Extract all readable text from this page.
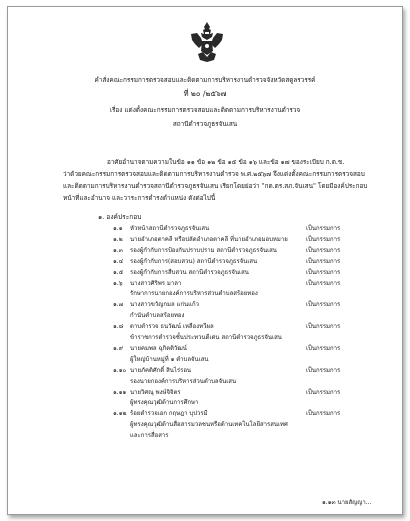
คำสั่งคณะกรรมการตรวจสอบและติดตามการบริหารงานตำรวจจังหวัดสตูลรวรรค์
ที่ ๒๐ /๒๕๖๗
เรื่อง แต่งตั้งคณะกรรมการตรวจสอบและติดตามการบริหารงานตำรวจ
สถานีตำรวจภูธรจันเสน
อาศัยอำนาจตามความในข้อ ๑๑ ข้อ ๑๒ ข้อ ๑๕ ข้อ ๑๖ และข้อ ๑๗ ของระเบียบ ก.ต.ช.
ว่าด้วยคณะกรรมการตรวจสอบและติดตามการบริหารงานตำรวจ พ.ศ.๒๕๖๗ จึงแต่งตั้งคณะกรรมการตรวจสอบ
และติดตามการบริหารงานตำรวจสถานีตำรวจภูธรจันเสน เรียกโดยย่อว่า "กต.ตร.สภ.จันเสน" โดยมีองค์ประกอบ
หน้าที่และอำนาจ และวาระการดำรงตำแหน่ง ดังต่อไปนี้
๑. องค์ประกอบ
๑.๑ หัวหน้าสถานีตำรวจภูธรจันเสน	เป็นกรรมการ
๑.๒ นายอำเภอตาคลี หรือปลัดอำเภอตาคลี ที่นายอำเภอมอบหมาย	เป็นกรรมการ
๑.๓ รองผู้กำกับการป้องกันปราบปราม สถานีตำรวจภูธรจันเสน	เป็นกรรมการ
๑.๔ รองผู้กำกับการ(สอบสวน) สถานีตำรวจภูธรจันเสน	เป็นกรรมการ
๑.๕ รองผู้กำกับการสืบสวน สถานีตำรวจภูธรจันเสน	เป็นกรรมการ
๑.๖ นางสาวศิริพร มาลา	เป็นกรรมการ
รักษาการนายกองค์การบริหารส่วนตำบลสร้อยทอง
๑.๗ นางสาวขวัญกมล แก่นแก้ว	เป็นกรรมการ
กำนันตำบลสร้อยทอง
๑.๘ ดาบตำรวจ ธนวัฒน์ เหลืองทวีผล	เป็นกรรมการ
ข้าราชการตำรวจชั้นประทวนดีเด่น สถานีตำรวจภูธรจันเสน
๑.๙ นายคมพล ฉุกิตติวัฒน์	เป็นกรรมการ
ผู้ใหญ่บ้านหมู่ที่ ๑ ตำบลจันเสน
๑.๑๐ นายภัคติศักดิ์ สินไร่รอน	เป็นกรรมการ
รองนายกองค์การบริหารส่วนตำบลจันเสน
๑.๑๑ นายวิศณุ พงษ์จิจิตร	เป็นกรรมการ
ผู้ทรงคุณวุฒิด้านการศึกษา
๑.๑๒ ร้อยตำรวจเอก กฤษฎา บุปวรมี	เป็นกรรมการ
ผู้ทรงคุณวุฒิด้านสื่อสารมวลชนหรือด้านเทคโนโลยีสารสนเทศ
และการสื่อสาร
๑.๑๓ นายสัญญา...
